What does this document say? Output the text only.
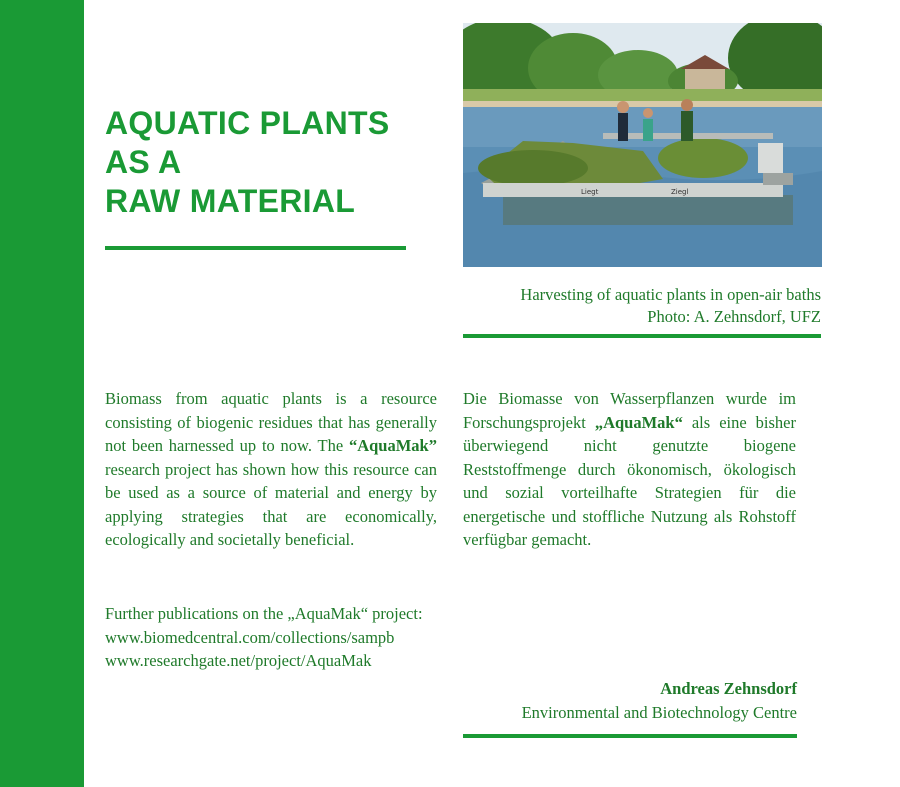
AQUATIC PLANTS
AS A
RAW MATERIAL	Liegt	Ziegl
Harvesting of aquatic plants in open-air baths
Photo: A. Zehnsdorf, UFZ

Biomass from aquatic plants is a resource consisting of biogenic residues that has generally not been harnessed up to now. The “AquaMak” research project has shown how this resource can be used as a source of material and energy by applying strategies that are economically, ecologically and societally beneficial.

Further publications on the „AquaMak“ project:
www.biomedcentral.com/collections/sampb
www.researchgate.net/project/AquaMak

Die Biomasse von Wasserpflanzen wurde im Forschungsprojekt „AquaMak“ als eine bisher überwiegend nicht genutzte biogene Reststoffmenge durch ökonomisch, ökologisch und sozial vorteilhafte Strategien für die energetische und stoffliche Nutzung als Rohstoff verfügbar gemacht.

Andreas Zehnsdorf
Environmental and Biotechnology Centre
